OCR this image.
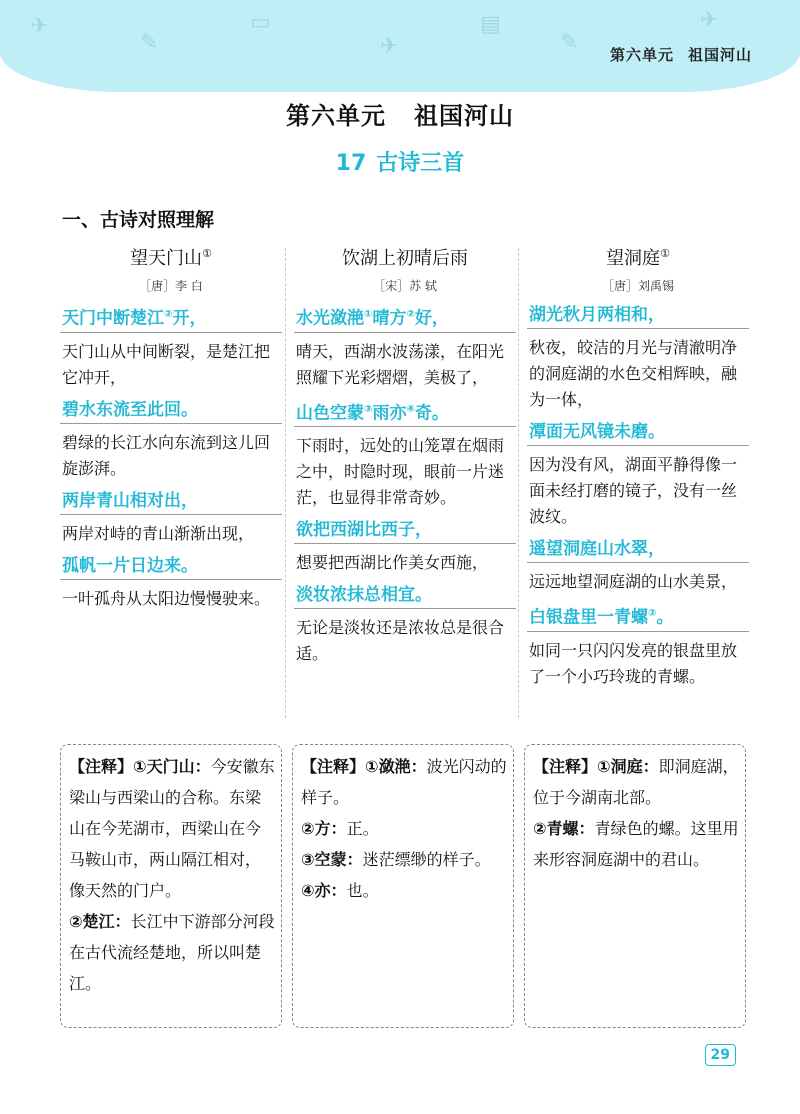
✈
✎
▭
✈
▤
✎
✈
第六单元 祖国河山
第六单元 祖国河山
17 古诗三首
一、古诗对照理解
望天门山①
［唐］李 白
天门中断楚江②开，
天门山从中间断裂，是楚江把它冲开，
碧水东流至此回。
碧绿的长江水向东流到这儿回旋澎湃。
两岸青山相对出，
两岸对峙的青山渐渐出现，
孤帆一片日边来。
一叶孤舟从太阳边慢慢驶来。
饮湖上初晴后雨
［宋］苏 轼
水光潋滟①晴方②好，
晴天，西湖水波荡漾，在阳光照耀下光彩熠熠，美极了，
山色空蒙③雨亦④奇。
下雨时，远处的山笼罩在烟雨之中，时隐时现，眼前一片迷茫，也显得非常奇妙。
欲把西湖比西子，
想要把西湖比作美女西施，
淡妆浓抹总相宜。
无论是淡妆还是浓妆总是很合适。
望洞庭①
［唐］刘禹锡
湖光秋月两相和，
秋夜，皎洁的月光与清澈明净的洞庭湖的水色交相辉映，融为一体，
潭面无风镜未磨。
因为没有风，湖面平静得像一面未经打磨的镜子，没有一丝波纹。
遥望洞庭山水翠，
远远地望洞庭湖的山水美景，
白银盘里一青螺②。
如同一只闪闪发亮的银盘里放了一个小巧玲珑的青螺。
【注释】①天门山：今安徽东梁山与西梁山的合称。东梁山在今芜湖市，西梁山在今马鞍山市，两山隔江相对，像天然的门户。
②楚江：长江中下游部分河段在古代流经楚地，所以叫楚江。
【注释】①潋滟：波光闪动的样子。
②方：正。
③空蒙：迷茫缥缈的样子。
④亦：也。
【注释】①洞庭：即洞庭湖，位于今湖南北部。
②青螺：青绿色的螺。这里用来形容洞庭湖中的君山。
29
